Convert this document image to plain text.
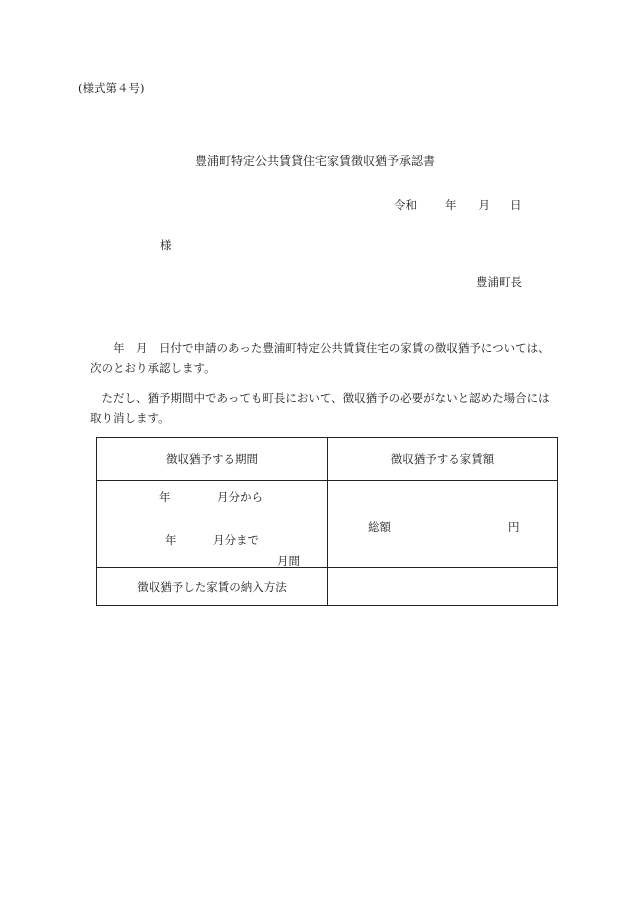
(様式第４号)
豊浦町特定公共賃貸住宅家賃徴収猶予承認書
令和 年 月 日
様
豊浦町長
　　年　月　日付で申請のあった豊浦町特定公共賃貸住宅の家賃の徴収猶予については、次のとおり承認します。
　ただし、猶予期間中であっても町長において、徴収猶予の必要がないと認めた場合には取り消します。
徴収猶予する期間	徴収猶予する家賃額

年 月分から
年 月分まで
月間	総額 円

徴収猶予した家賃の納入方法	
